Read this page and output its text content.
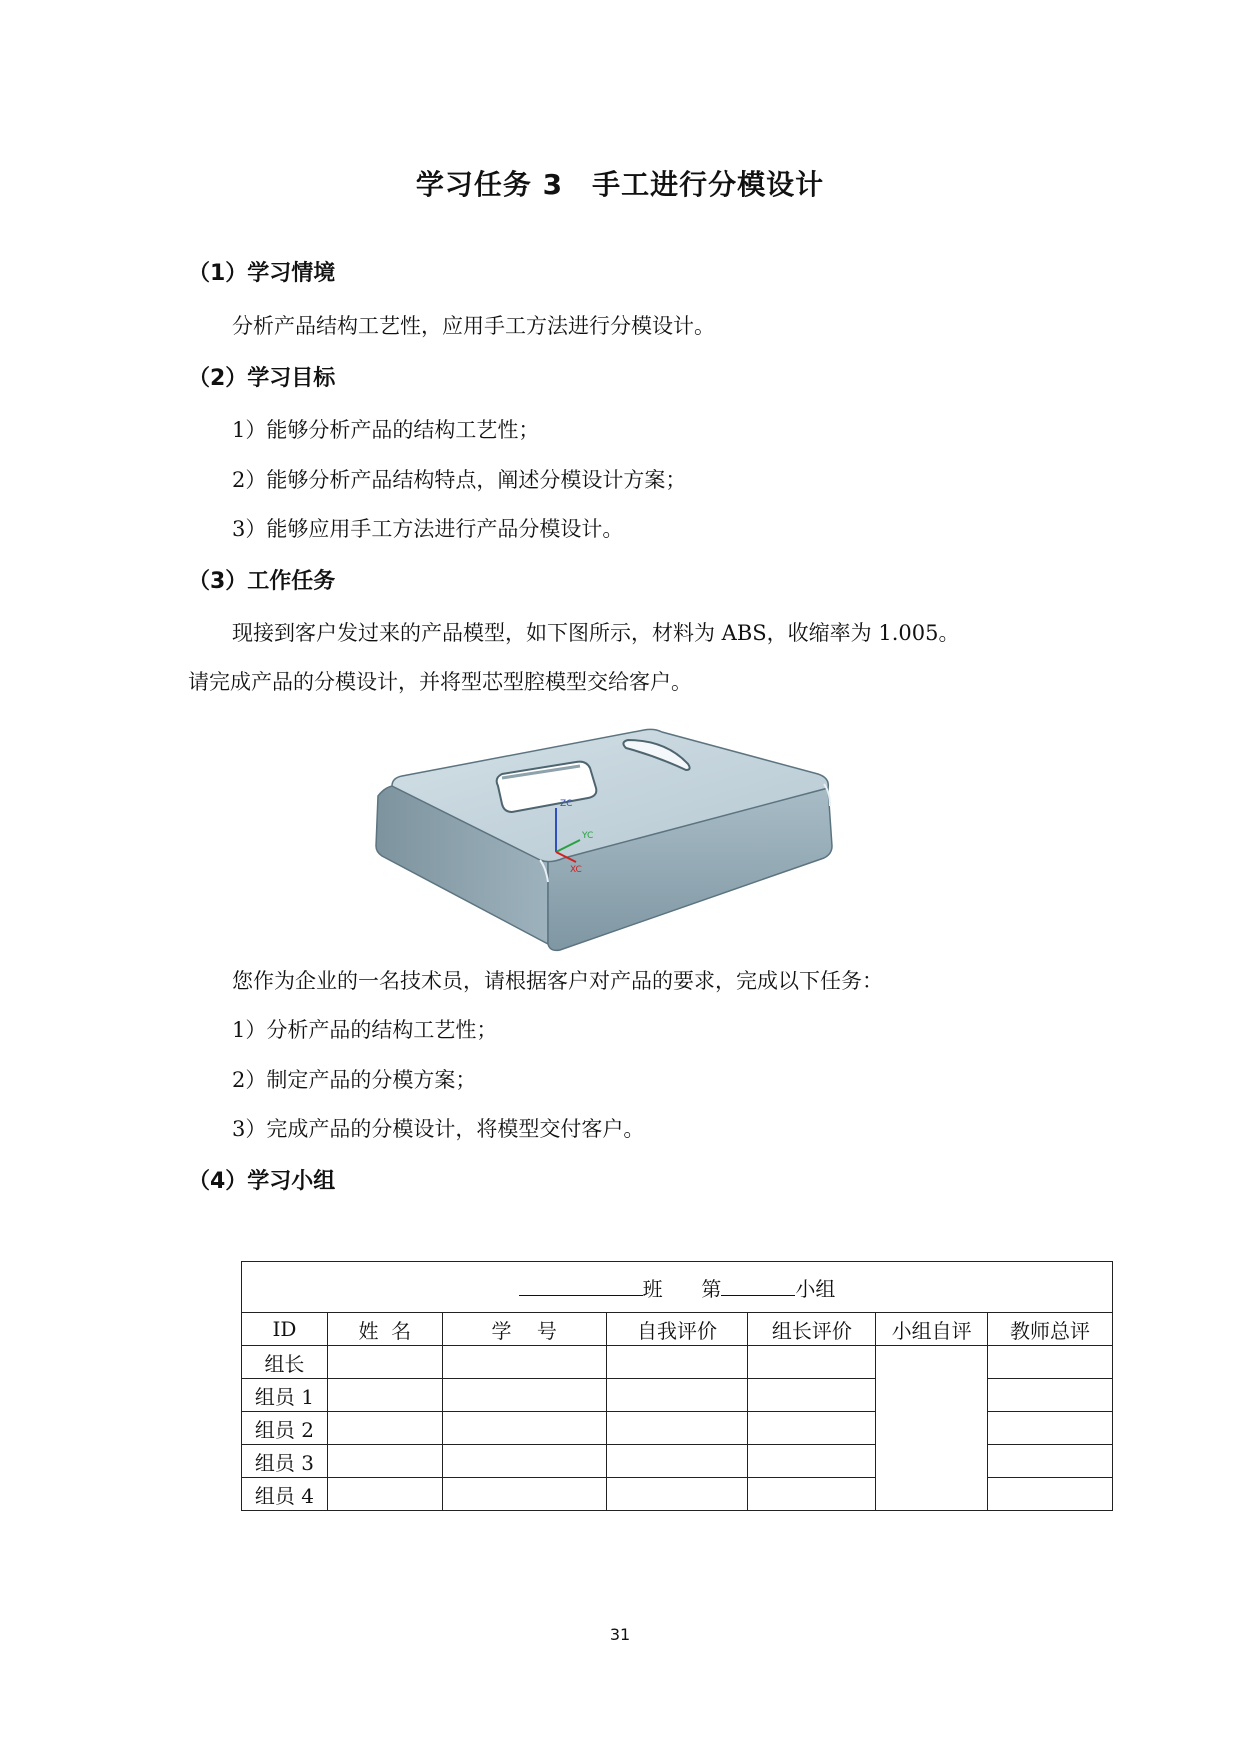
学习任务 3　手工进行分模设计
（1）学习情境
分析产品结构工艺性，应用手工方法进行分模设计。
（2）学习目标
1）能够分析产品的结构工艺性；
2）能够分析产品结构特点，阐述分模设计方案；
3）能够应用手工方法进行产品分模设计。
（3）工作任务
现接到客户发过来的产品模型，如下图所示，材料为 ABS，收缩率为 1.005。
请完成产品的分模设计，并将型芯型腔模型交给客户。
ZC
YC
XC
您作为企业的一名技术员，请根据客户对产品的要求，完成以下任务：
1）分析产品的结构工艺性；
2）制定产品的分模方案；
3）完成产品的分模设计，将模型交付客户。
（4）学习小组
班 第 小组						
ID	姓  名	学    号	自我评价	组长评价	小组自评	教师总评
组长						
组员 1						
组员 2						
组员 3						
组员 4						
31
